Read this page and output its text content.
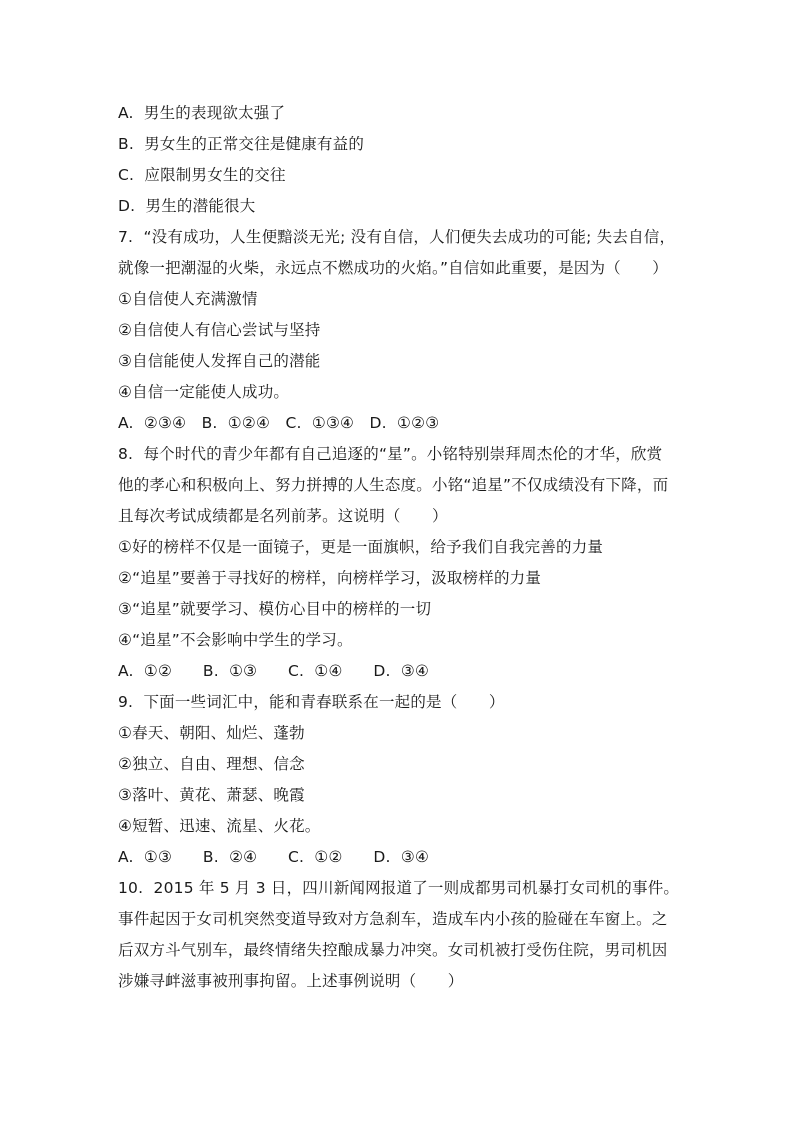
A.  男生的表现欲太强了
B.  男女生的正常交往是健康有益的
C.  应限制男女生的交往
D.  男生的潜能很大
7.  “没有成功，人生便黯淡无光; 没有自信，人们便失去成功的可能; 失去自信，
就像一把潮湿的火柴，永远点不燃成功的火焰。”自信如此重要，是因为（　　）
①自信使人充满激情
②自信使人有信心尝试与坚持
③自信能使人发挥自己的潜能
④自信一定能使人成功。
A.  ②③④   B.  ①②④   C.  ①③④   D.  ①②③
8.  每个时代的青少年都有自己追逐的“星”。小铭特别崇拜周杰伦的才华，欣赏
他的孝心和积极向上、努力拼搏的人生态度。小铭“追星”不仅成绩没有下降，而
且每次考试成绩都是名列前茅。这说明（　　）
①好的榜样不仅是一面镜子，更是一面旗帜，给予我们自我完善的力量
②“追星”要善于寻找好的榜样，向榜样学习，汲取榜样的力量
③“追星”就要学习、模仿心目中的榜样的一切
④“追星”不会影响中学生的学习。
A.  ①②      B.  ①③      C.  ①④      D.  ③④
9.  下面一些词汇中，能和青春联系在一起的是（　　）
①春天、朝阳、灿烂、蓬勃
②独立、自由、理想、信念
③落叶、黄花、萧瑟、晚霞
④短暂、迅速、流星、火花。
A.  ①③      B.  ②④      C.  ①②      D.  ③④
10.  2015 年 5 月 3 日，四川新闻网报道了一则成都男司机暴打女司机的事件。
事件起因于女司机突然变道导致对方急刹车，造成车内小孩的脸碰在车窗上。之
后双方斗气别车，最终情绪失控酿成暴力冲突。女司机被打受伤住院，男司机因
涉嫌寻衅滋事被刑事拘留。上述事例说明（　　）
